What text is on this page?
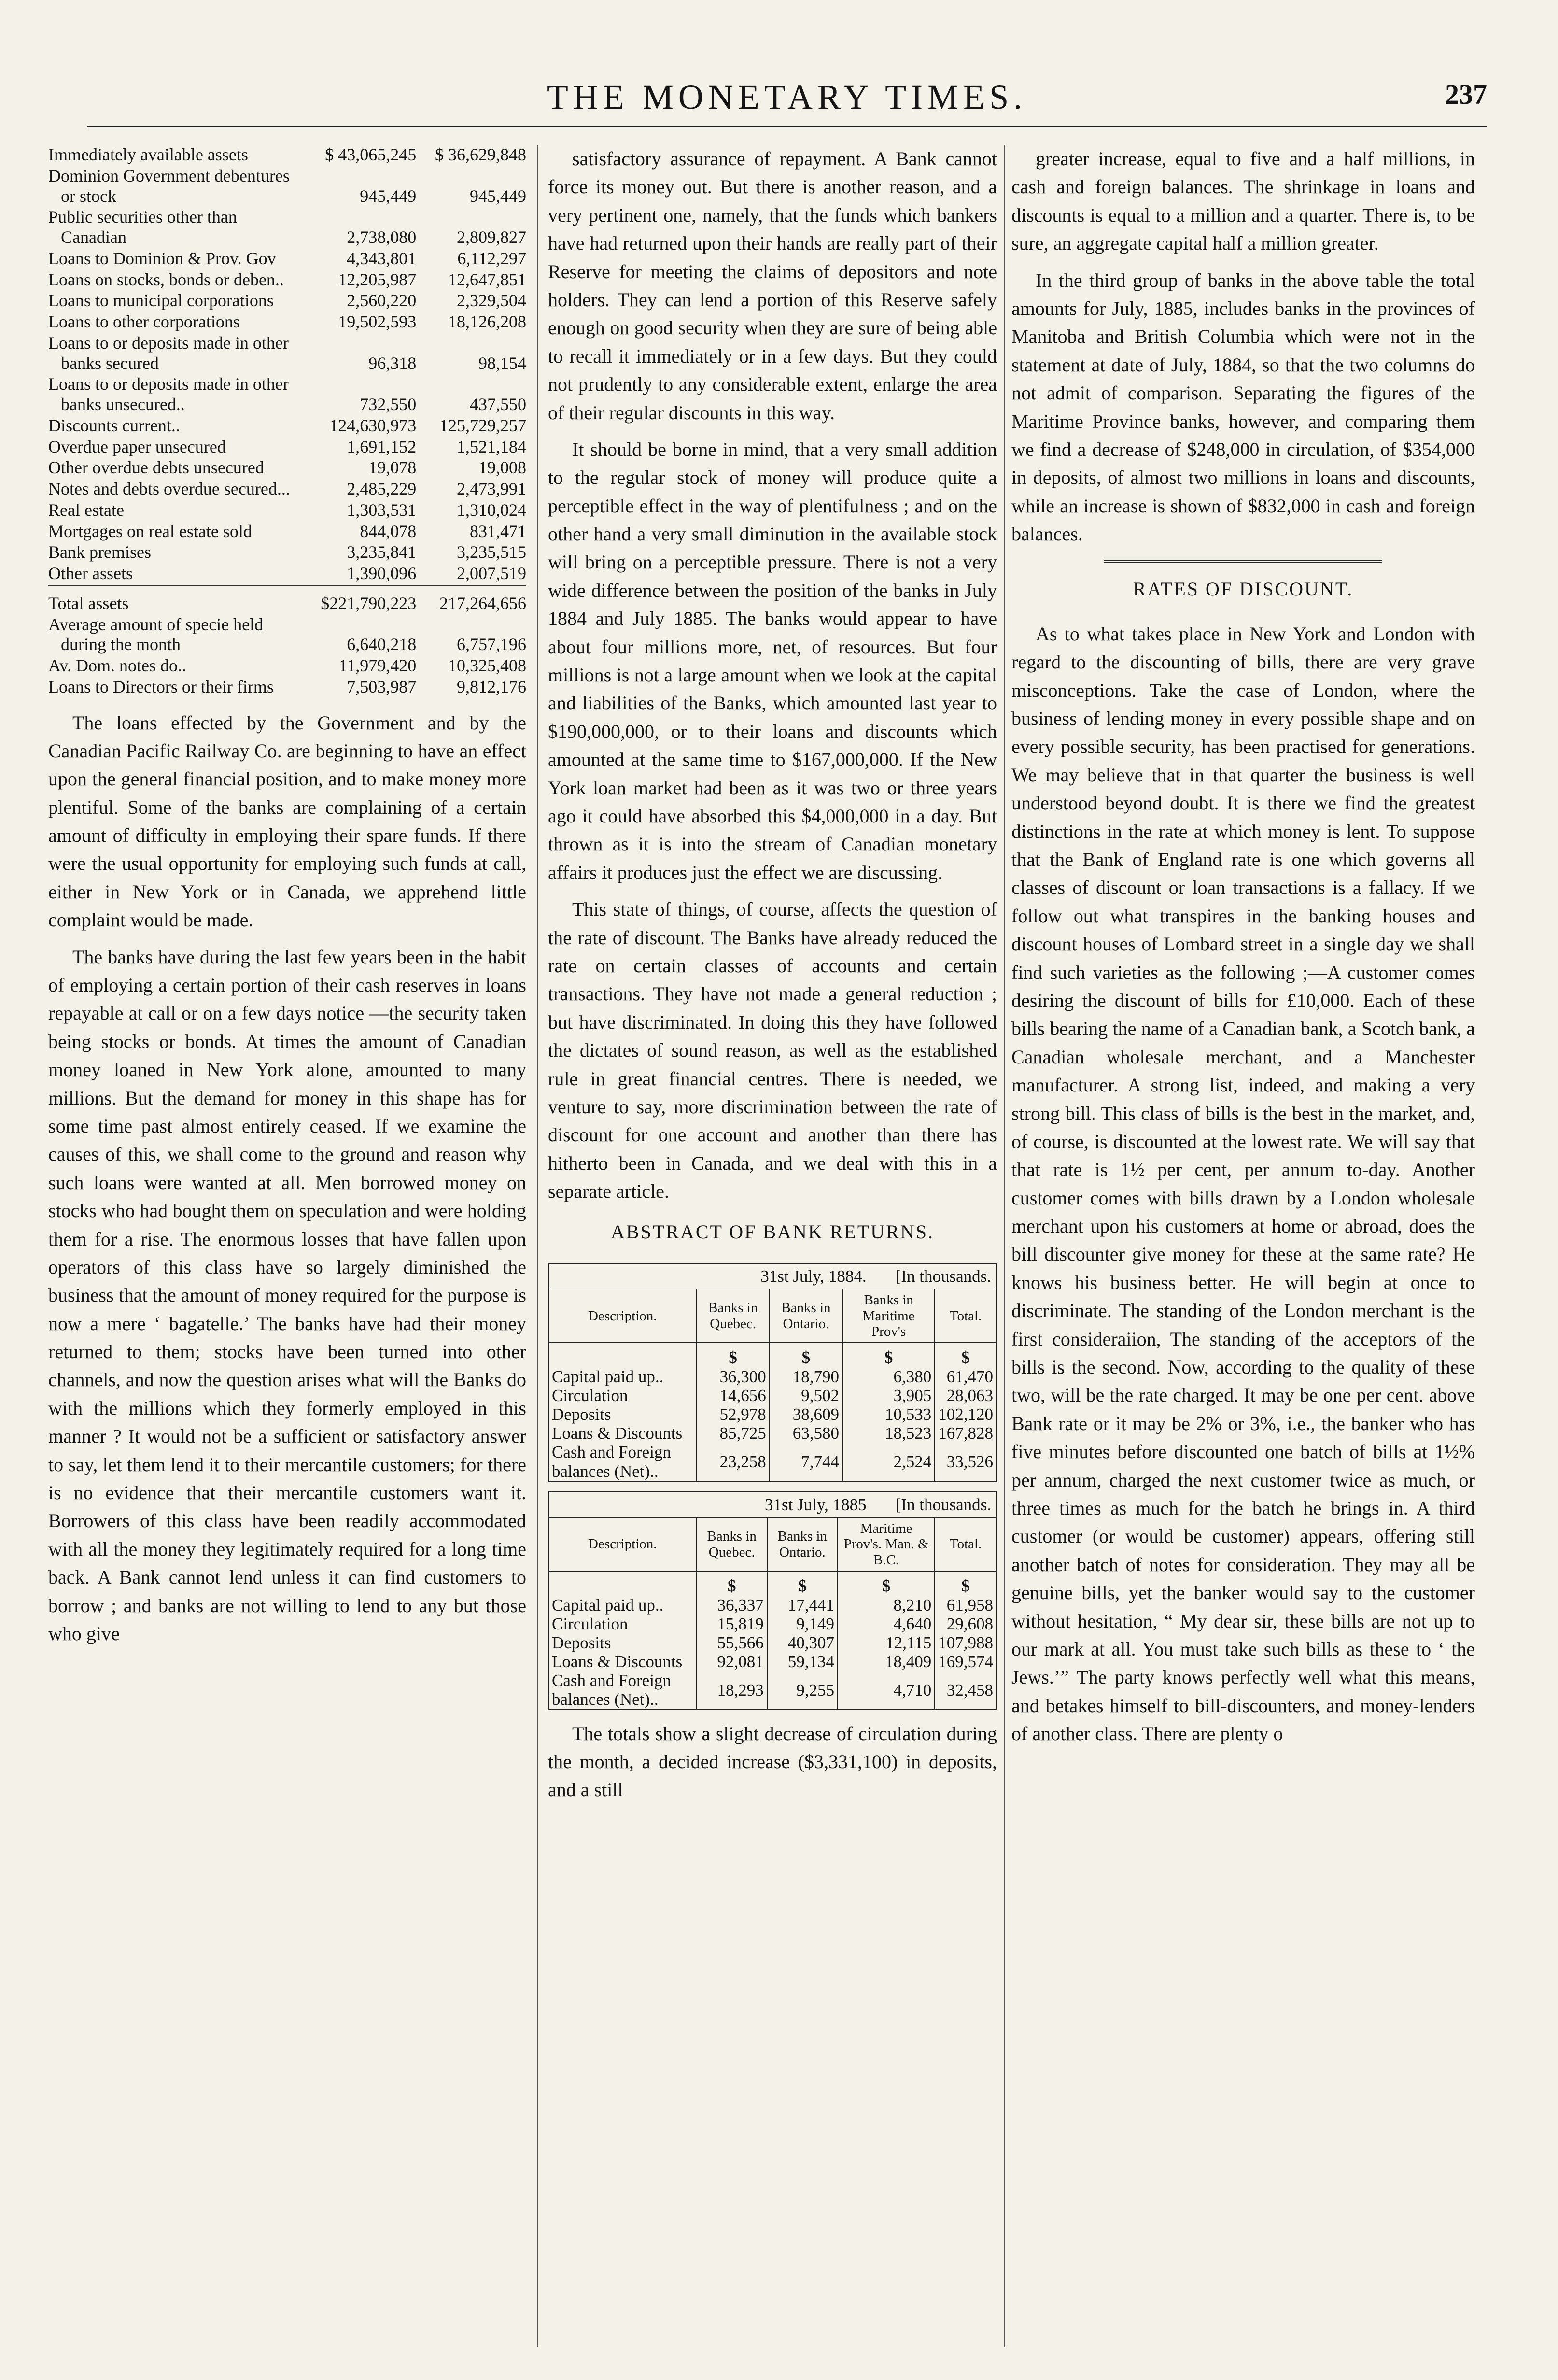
THE MONETARY TIMES.	237
Immediately available assets	$ 43,065,245	$ 36,629,848
Dominion Government debentures or stock	945,449	945,449
Public securities other than Canadian	2,738,080	2,809,827
Loans to Dominion & Prov. Gov	4,343,801	6,112,297
Loans on stocks, bonds or deben..	12,205,987	12,647,851
Loans to municipal corporations	2,560,220	2,329,504
Loans to other corporations	19,502,593	18,126,208
Loans to or deposits made in other banks secured	96,318	98,154
Loans to or deposits made in other banks unsecured..	732,550	437,550
Discounts current..	124,630,973	125,729,257
Overdue paper unsecured	1,691,152	1,521,184
Other overdue debts unsecured	19,078	19,008
Notes and debts overdue secured...	2,485,229	2,473,991
Real estate	1,303,531	1,310,024
Mortgages on real estate sold	844,078	831,471
Bank premises	3,235,841	3,235,515
Other assets	1,390,096	2,007,519
Total assets	$221,790,223	217,264,656
Average amount of specie held during the month	6,640,218	6,757,196
Av. Dom. notes do..	11,979,420	10,325,408
Loans to Directors or their firms	7,503,987	9,812,176

The loans effected by the Government and by the Canadian Pacific Railway Co. are beginning to have an effect upon the general financial position, and to make money more plentiful. Some of the banks are complaining of a certain amount of difficulty in employing their spare funds. If there were the usual opportunity for employing such funds at call, either in New York or in Canada, we apprehend little complaint would be made.

The banks have during the last few years been in the habit of employing a certain portion of their cash reserves in loans repayable at call or on a few days notice —the security taken being stocks or bonds. At times the amount of Canadian money loaned in New York alone, amounted to many millions. But the demand for money in this shape has for some time past almost entirely ceased. If we examine the causes of this, we shall come to the ground and reason why such loans were wanted at all. Men borrowed money on stocks who had bought them on speculation and were holding them for a rise. The enormous losses that have fallen upon operators of this class have so largely diminished the business that the amount of money required for the purpose is now a mere ‘ bagatelle.’ The banks have had their money returned to them; stocks have been turned into other channels, and now the question arises what will the Banks do with the millions which they formerly employed in this manner ? It would not be a sufficient or satisfactory answer to say, let them lend it to their mercantile customers; for there is no evidence that their mercantile customers want it. Borrowers of this class have been readily accommodated with all the money they legitimately required for a long time back. A Bank cannot lend unless it can find customers to borrow ; and banks are not willing to lend to any but those who give

satisfactory assurance of repayment. A Bank cannot force its money out. But there is another reason, and a very pertinent one, namely, that the funds which bankers have had returned upon their hands are really part of their Reserve for meeting the claims of depositors and note holders. They can lend a portion of this Reserve safely enough on good security when they are sure of being able to recall it immediately or in a few days. But they could not prudently to any considerable extent, enlarge the area of their regular discounts in this way.

It should be borne in mind, that a very small addition to the regular stock of money will produce quite a perceptible effect in the way of plentifulness ; and on the other hand a very small diminution in the available stock will bring on a perceptible pressure. There is not a very wide difference between the position of the banks in July 1884 and July 1885. The banks would appear to have about four millions more, net, of resources. But four millions is not a large amount when we look at the capital and liabilities of the Banks, which amounted last year to $190,000,000, or to their loans and discounts which amounted at the same time to $167,000,000. If the New York loan market had been as it was two or three years ago it could have absorbed this $4,000,000 in a day. But thrown as it is into the stream of Canadian monetary affairs it produces just the effect we are discussing.

This state of things, of course, affects the question of the rate of discount. The Banks have already reduced the rate on certain classes of accounts and certain transactions. They have not made a general reduction ; but have discriminated. In doing this they have followed the dictates of sound reason, as well as the established rule in great financial centres. There is needed, we venture to say, more discrimination between the rate of discount for one account and another than there has hitherto been in Canada, and we deal with this in a separate article.

ABSTRACT OF BANK RETURNS.
31st July, 1884. [In thousands.
Description.	Banks in Quebec.	Banks in Ontario.	Banks in Maritime Prov's	Total.
	$	$	$	$
Capital paid up..	36,300	18,790	6,380	61,470
Circulation	14,656	9,502	3,905	28,063
Deposits	52,978	38,609	10,533	102,120
Loans & Discounts	85,725	63,580	18,523	167,828
Cash and Foreign balances (Net)..	23,258	7,744	2,524	33,526
31st July, 1885 [In thousands.
Description.	Banks in Quebec.	Banks in Ontario.	Maritime Prov's. Man. & B.C.	Total.
	$	$	$	$
Capital paid up..	36,337	17,441	8,210	61,958
Circulation	15,819	9,149	4,640	29,608
Deposits	55,566	40,307	12,115	107,988
Loans & Discounts	92,081	59,134	18,409	169,574
Cash and Foreign balances (Net)..	18,293	9,255	4,710	32,458

The totals show a slight decrease of circulation during the month, a decided increase ($3,331,100) in deposits, and a still

greater increase, equal to five and a half millions, in cash and foreign balances. The shrinkage in loans and discounts is equal to a million and a quarter. There is, to be sure, an aggregate capital half a million greater.

In the third group of banks in the above table the total amounts for July, 1885, includes banks in the provinces of Manitoba and British Columbia which were not in the statement at date of July, 1884, so that the two columns do not admit of comparison. Separating the figures of the Maritime Province banks, however, and comparing them we find a decrease of $248,000 in circulation, of $354,000 in deposits, of almost two millions in loans and discounts, while an increase is shown of $832,000 in cash and foreign balances.

RATES OF DISCOUNT.

As to what takes place in New York and London with regard to the discounting of bills, there are very grave misconceptions. Take the case of London, where the business of lending money in every possible shape and on every possible security, has been practised for generations. We may believe that in that quarter the business is well understood beyond doubt. It is there we find the greatest distinctions in the rate at which money is lent. To suppose that the Bank of England rate is one which governs all classes of discount or loan transactions is a fallacy. If we follow out what transpires in the banking houses and discount houses of Lombard street in a single day we shall find such varieties as the following ;—A customer comes desiring the discount of bills for £10,000. Each of these bills bearing the name of a Canadian bank, a Scotch bank, a Canadian wholesale merchant, and a Manchester manufacturer. A strong list, indeed, and making a very strong bill. This class of bills is the best in the market, and, of course, is discounted at the lowest rate. We will say that that rate is 1½ per cent, per annum to-day. Another customer comes with bills drawn by a London wholesale merchant upon his customers at home or abroad, does the bill discounter give money for these at the same rate? He knows his business better. He will begin at once to discriminate. The standing of the London merchant is the first consideraiion, The standing of the acceptors of the bills is the second. Now, according to the quality of these two, will be the rate charged. It may be one per cent. above Bank rate or it may be 2% or 3%, i.e., the banker who has five minutes before discounted one batch of bills at 1½% per annum, charged the next customer twice as much, or three times as much for the batch he brings in. A third customer (or would be customer) appears, offering still another batch of notes for consideration. They may all be genuine bills, yet the banker would say to the customer without hesitation, “ My dear sir, these bills are not up to our mark at all. You must take such bills as these to ‘ the Jews.’” The party knows perfectly well what this means, and betakes himself to bill-discounters, and money-lenders of another class. There are plenty o
